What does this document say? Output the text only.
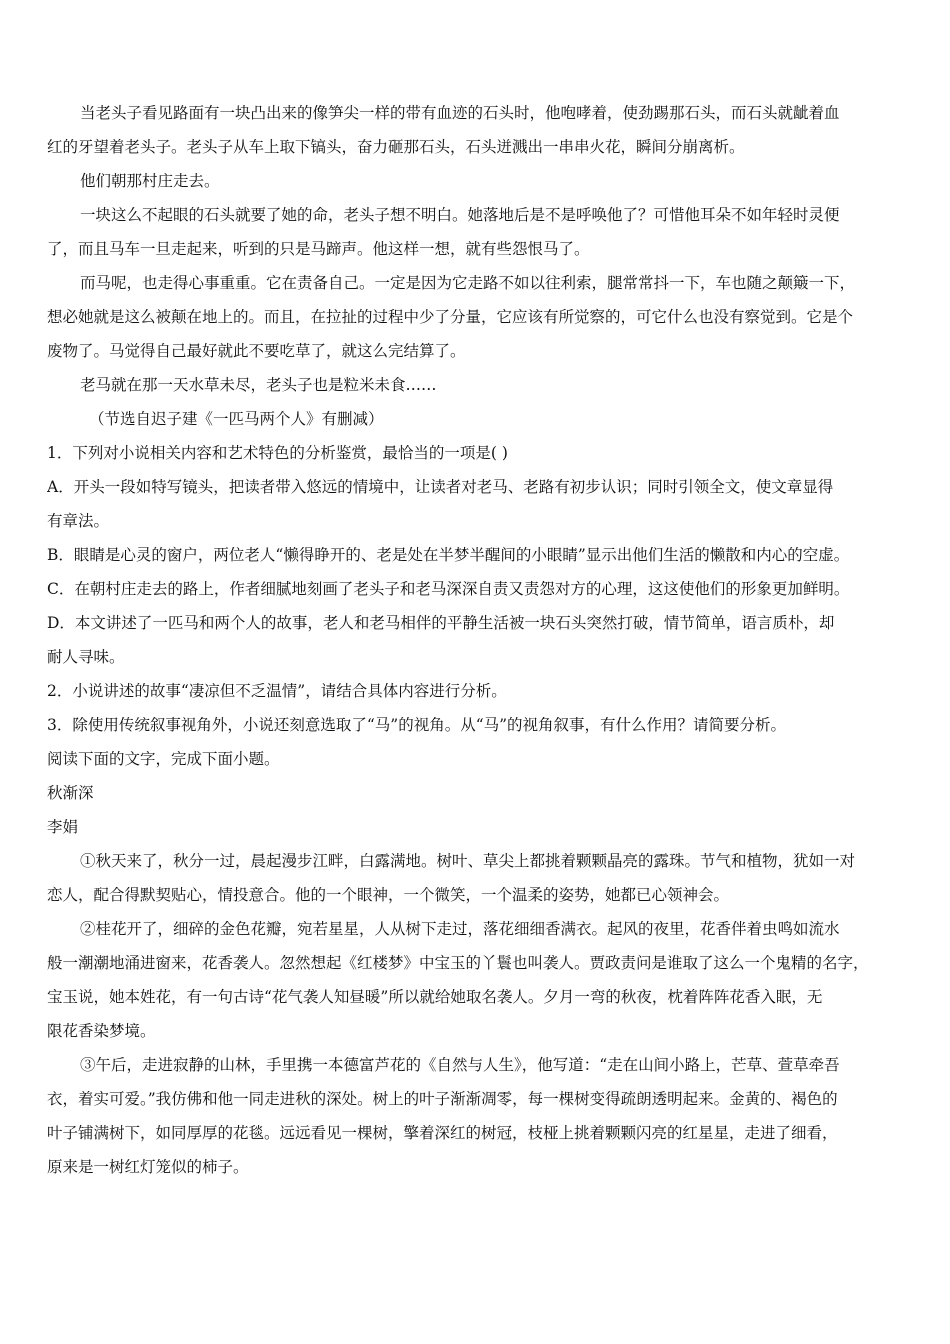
当老头子看见路面有一块凸出来的像笋尖一样的带有血迹的石头时，他咆哮着，使劲踢那石头，而石头就龇着血
红的牙望着老头子。老头子从车上取下镐头，奋力砸那石头，石头迸溅出一串串火花，瞬间分崩离析。
他们朝那村庄走去。
一块这么不起眼的石头就要了她的命，老头子想不明白。她落地后是不是呼唤他了？可惜他耳朵不如年轻时灵便
了，而且马车一旦走起来，听到的只是马蹄声。他这样一想，就有些怨恨马了。
而马呢，也走得心事重重。它在责备自己。一定是因为它走路不如以往利索，腿常常抖一下，车也随之颠簸一下，
想必她就是这么被颠在地上的。而且，在拉扯的过程中少了分量，它应该有所觉察的，可它什么也没有察觉到。它是个
废物了。马觉得自己最好就此不要吃草了，就这么完结算了。
老马就在那一天水草未尽，老头子也是粒米未食……
（节选自迟子建《一匹马两个人》有删减）
1．下列对小说相关内容和艺术特色的分析鉴赏，最恰当的一项是( )
A．开头一段如特写镜头，把读者带入悠远的情境中，让读者对老马、老路有初步认识；同时引领全文，使文章显得
有章法。
B．眼睛是心灵的窗户，两位老人“懒得睁开的、老是处在半梦半醒间的小眼睛”显示出他们生活的懒散和内心的空虚。
C．在朝村庄走去的路上，作者细腻地刻画了老头子和老马深深自责又责怨对方的心理，这这使他们的形象更加鲜明。
D．本文讲述了一匹马和两个人的故事，老人和老马相伴的平静生活被一块石头突然打破，情节简单，语言质朴，却
耐人寻味。
2．小说讲述的故事“凄凉但不乏温情”，请结合具体内容进行分析。
3．除使用传统叙事视角外，小说还刻意选取了“马”的视角。从“马”的视角叙事，有什么作用？请简要分析。
阅读下面的文字，完成下面小题。
秋渐深
李娟
①秋天来了，秋分一过，晨起漫步江畔，白露满地。树叶、草尖上都挑着颗颗晶亮的露珠。节气和植物，犹如一对
恋人，配合得默契贴心，情投意合。他的一个眼神，一个微笑，一个温柔的姿势，她都已心领神会。
②桂花开了，细碎的金色花瓣，宛若星星，人从树下走过，落花细细香满衣。起风的夜里，花香伴着虫鸣如流水
般一潮潮地涌进窗来，花香袭人。忽然想起《红楼梦》中宝玉的丫鬟也叫袭人。贾政责问是谁取了这么一个鬼精的名字，
宝玉说，她本姓花，有一句古诗“花气袭人知昼暖”所以就给她取名袭人。夕月一弯的秋夜，枕着阵阵花香入眠，无
限花香染梦境。
③午后，走进寂静的山林，手里携一本德富芦花的《自然与人生》，他写道：“走在山间小路上，芒草、萱草牵吾
衣，着实可爱。”我仿佛和他一同走进秋的深处。树上的叶子渐渐凋零，每一棵树变得疏朗透明起来。金黄的、褐色的
叶子铺满树下，如同厚厚的花毯。远远看见一棵树，擎着深红的树冠，枝桠上挑着颗颗闪亮的红星星，走进了细看，
原来是一树红灯笼似的柿子。
